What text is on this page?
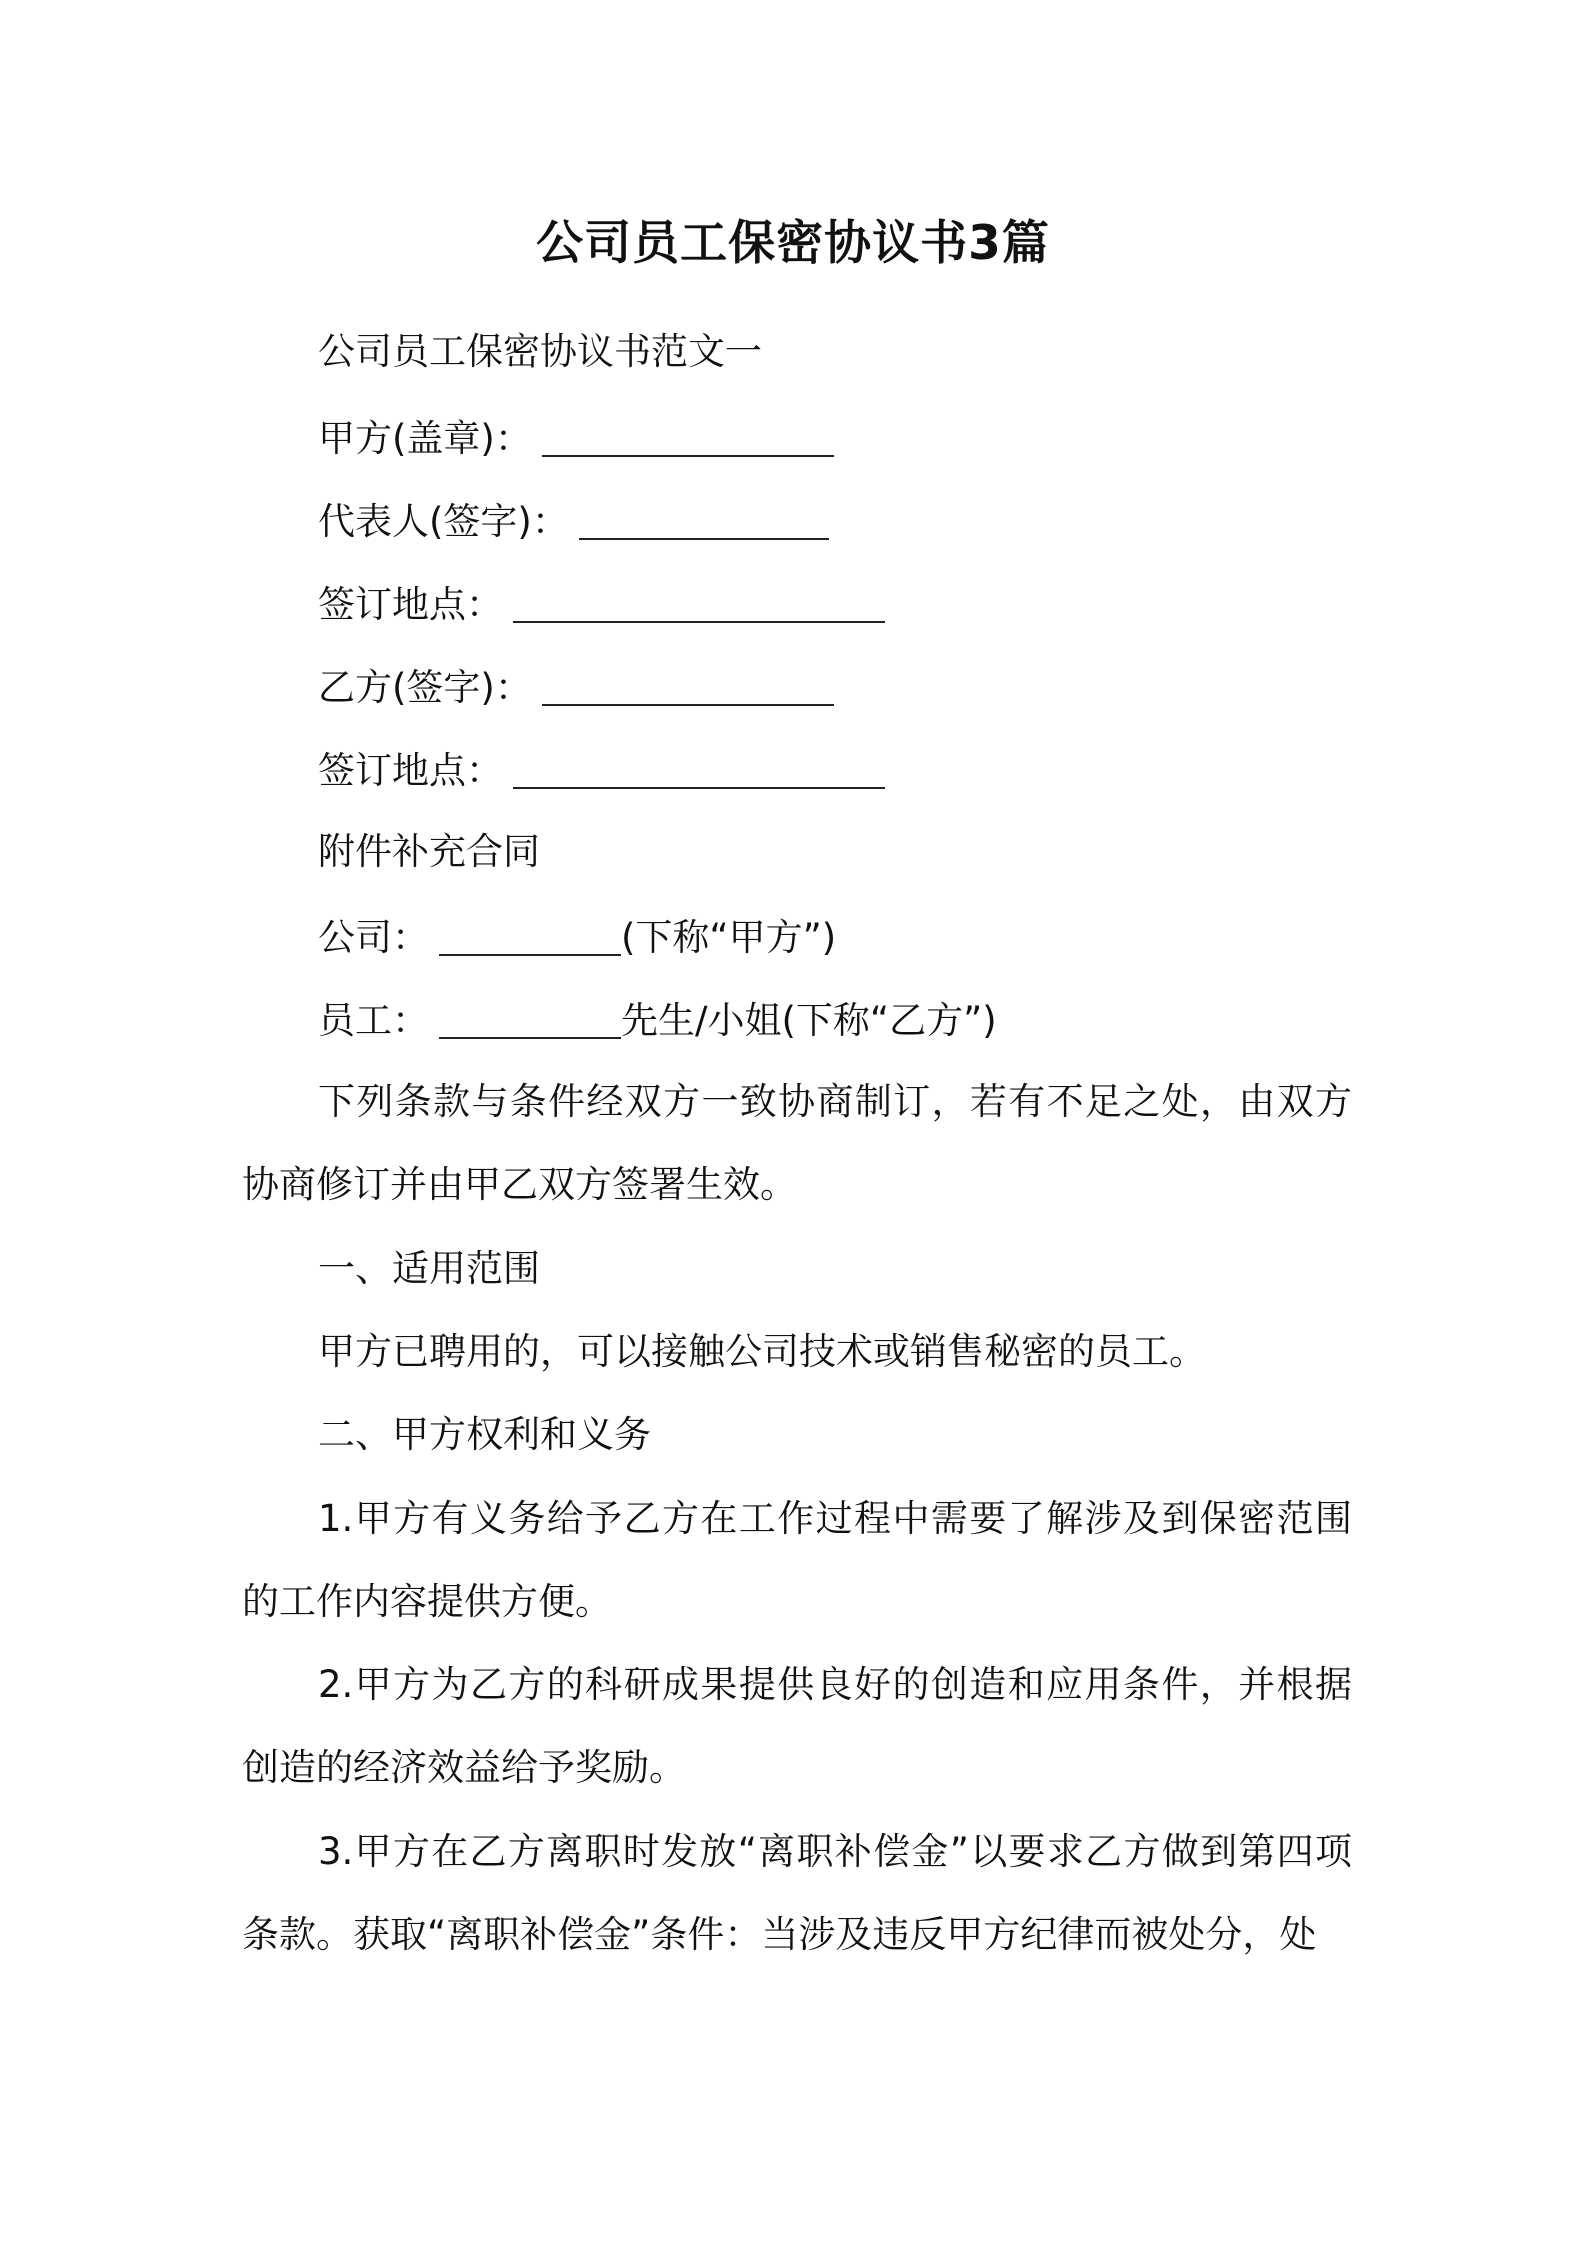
公司员工保密协议书3篇
公司员工保密协议书范文一
甲方(盖章)：
代表人(签字)：
签订地点：
乙方(签字)：
签订地点：
附件补充合同
公司：	(下称“甲方”)
员工：	先生/小姐(下称“乙方”)
下列条款与条件经双方一致协商制订，若有不足之处，由双方协商修订并由甲乙双方签署生效。
一、适用范围
甲方已聘用的，可以接触公司技术或销售秘密的员工。
二、甲方权利和义务
1.甲方有义务给予乙方在工作过程中需要了解涉及到保密范围的工作内容提供方便。
2.甲方为乙方的科研成果提供良好的创造和应用条件，并根据创造的经济效益给予奖励。
3.甲方在乙方离职时发放“离职补偿金”以要求乙方做到第四项条款。获取“离职补偿金”条件：当涉及违反甲方纪律而被处分，处
